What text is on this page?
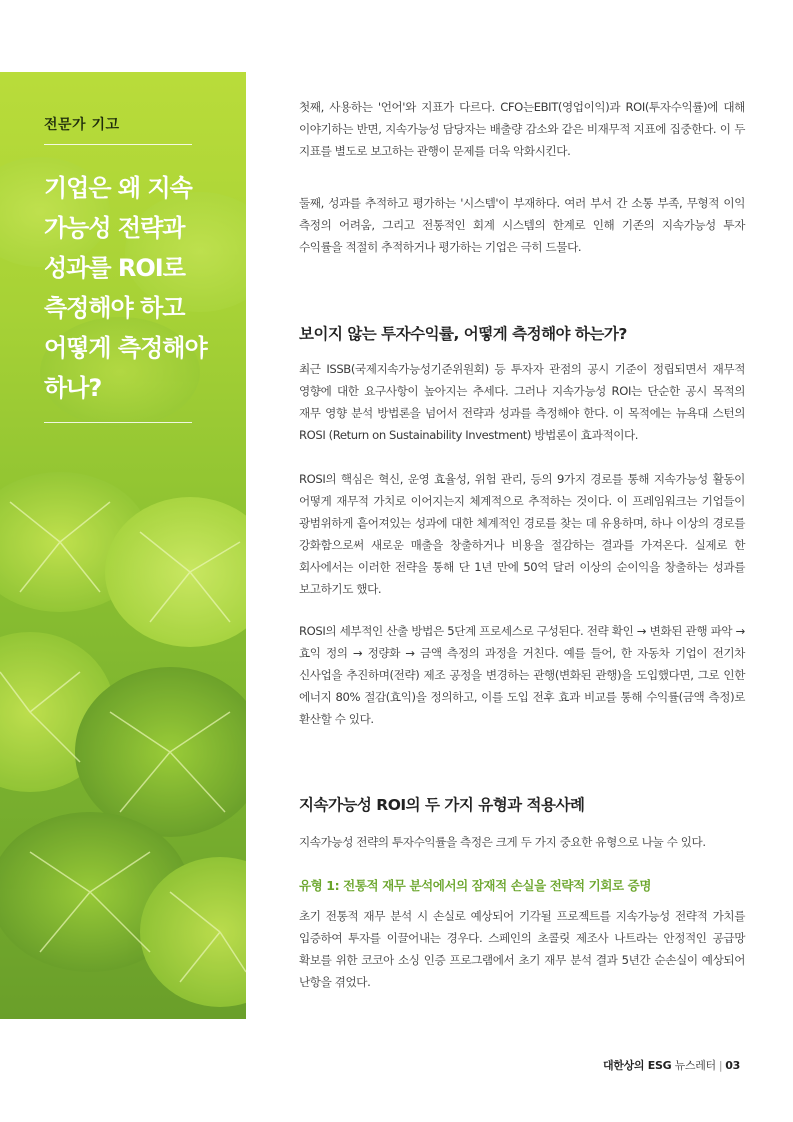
전문가 기고
기업은 왜 지속
가능성 전략과
성과를 ROI로
측정해야 하고
어떻게 측정해야
하나?

첫째, 사용하는 '언어'와 지표가 다르다. CFO는EBIT(영업이익)과 ROI(투자수익률)에 대해 이야기하는 반면, 지속가능성 담당자는 배출량 감소와 같은 비재무적 지표에 집중한다. 이 두 지표를 별도로 보고하는 관행이 문제를 더욱 악화시킨다.

둘째, 성과를 추적하고 평가하는 '시스템'이 부재하다. 여러 부서 간 소통 부족, 무형적 이익 측정의 어려움, 그리고 전통적인 회계 시스템의 한계로 인해 기존의 지속가능성 투자 수익률을 적절히 추적하거나 평가하는 기업은 극히 드물다.

보이지 않는 투자수익률, 어떻게 측정해야 하는가?

최근 ISSB(국제지속가능성기준위원회) 등 투자자 관점의 공시 기준이 정립되면서 재무적 영향에 대한 요구사항이 높아지는 추세다. 그러나 지속가능성 ROI는 단순한 공시 목적의 재무 영향 분석 방법론을 넘어서 전략과 성과를 측정해야 한다. 이 목적에는 뉴욕대 스턴의 ROSI (Return on Sustainability Investment) 방법론이 효과적이다.

ROSI의 핵심은 혁신, 운영 효율성, 위험 관리, 등의 9가지 경로를 통해 지속가능성 활동이 어떻게 재무적 가치로 이어지는지 체계적으로 추적하는 것이다. 이 프레임워크는 기업들이 광범위하게 흩어져있는 성과에 대한 체계적인 경로를 찾는 데 유용하며, 하나 이상의 경로를 강화함으로써 새로운 매출을 창출하거나 비용을 절감하는 결과를 가져온다. 실제로 한 회사에서는 이러한 전략을 통해 단 1년 만에 50억 달러 이상의 순이익을 창출하는 성과를 보고하기도 했다.

ROSI의 세부적인 산출 방법은 5단계 프로세스로 구성된다. 전략 확인 → 변화된 관행 파악 → 효익 정의 → 정량화 → 금액 측정의 과정을 거친다. 예를 들어, 한 자동차 기업이 전기차 신사업을 추진하며(전략) 제조 공정을 변경하는 관행(변화된 관행)을 도입했다면, 그로 인한 에너지 80% 절감(효익)을 정의하고, 이를 도입 전후 효과 비교를 통해 수익률(금액 측정)로 환산할 수 있다.

지속가능성 ROI의 두 가지 유형과 적용사례

지속가능성 전략의 투자수익률을 측정은 크게 두 가지 중요한 유형으로 나눌 수 있다.

유형 1: 전통적 재무 분석에서의 잠재적 손실을 전략적 기회로 증명

초기 전통적 재무 분석 시 손실로 예상되어 기각될 프로젝트를 지속가능성 전략적 가치를 입증하여 투자를 이끌어내는 경우다. 스페인의 초콜릿 제조사 나트라는 안정적인 공급망 확보를 위한 코코아 소싱 인증 프로그램에서 초기 재무 분석 결과 5년간 순손실이 예상되어 난항을 겪었다.

대한상의 ESG 뉴스레터 | 03
